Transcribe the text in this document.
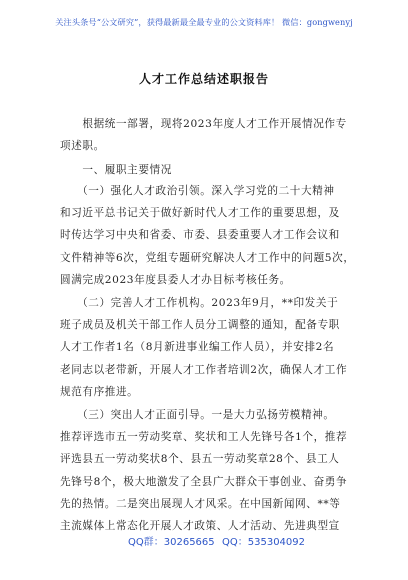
关注头条号“公文研究”，获得最新最全最专业的公文资料库！ 微信：gongwenyj
人才工作总结述职报告
　　根据统一部署，现将2023年度人才工作开展情况作专
项述职。
　　一、履职主要情况
　　（一）强化人才政治引领。深入学习党的二十大精神
和习近平总书记关于做好新时代人才工作的重要思想，及
时传达学习中央和省委、市委、县委重要人才工作会议和
文件精神等6次，党组专题研究解决人才工作中的问题5次，
圆满完成2023年度县委人才办目标考核任务。
　　（二）完善人才工作机构。2023年9月，**印发关于
班子成员及机关干部工作人员分工调整的通知，配备专职
人才工作者1名（8月新进事业编工作人员），并安排2名
老同志以老带新，开展人才工作者培训2次，确保人才工作
规范有序推进。
　　（三）突出人才正面引导。一是大力弘扬劳模精神。
推荐评选市五一劳动奖章、奖状和工人先锋号各1个，推荐
评选县五一劳动奖状8个、县五一劳动奖章28个、县工人
先锋号8个，极大地激发了全县广大群众干事创业、奋勇争
先的热情。二是突出展现人才风采。在中国新闻网、**等
主流媒体上常态化开展人才政策、人才活动、先进典型宣
QQ群：30265665 QQ：535304092
